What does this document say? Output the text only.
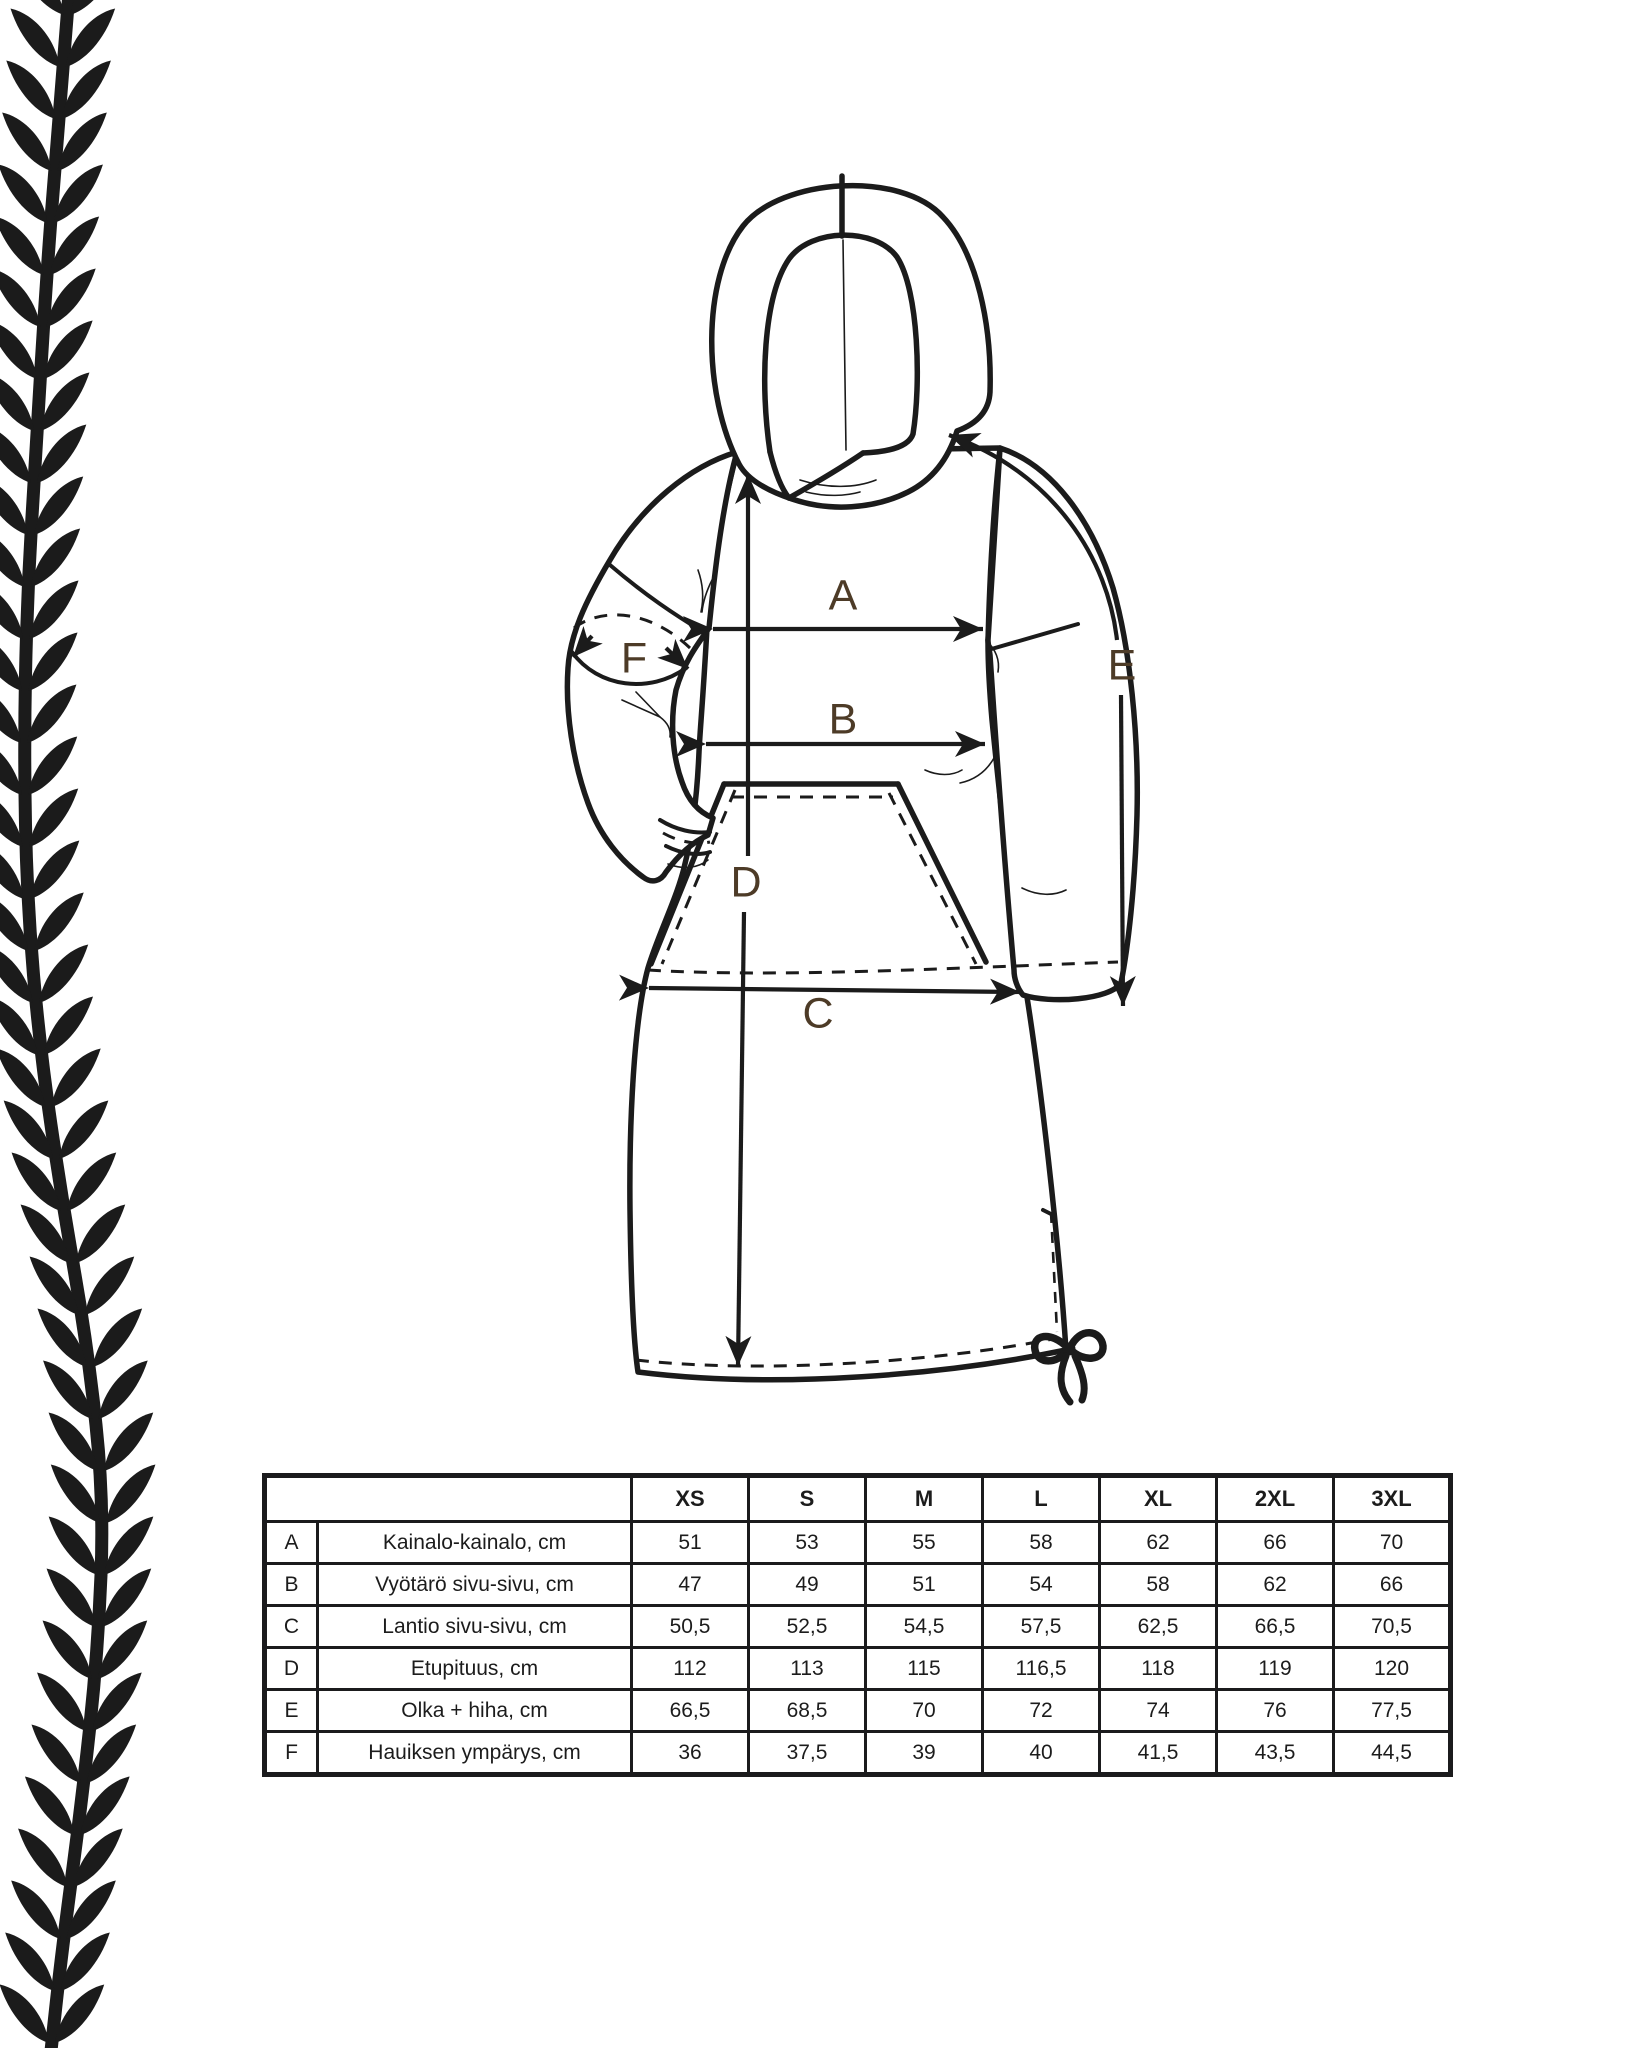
A
B
C
D
E
F
		XS	S	M	L	XL	2XL	3XL
A	Kainalo-kainalo, cm	51	53	55	58	62	66	70
B	Vyötärö sivu-sivu, cm	47	49	51	54	58	62	66
C	Lantio sivu-sivu, cm	50,5	52,5	54,5	57,5	62,5	66,5	70,5
D	Etupituus, cm	112	113	115	116,5	118	119	120
E	Olka + hiha, cm	66,5	68,5	70	72	74	76	77,5
F	Hauiksen ympärys, cm	36	37,5	39	40	41,5	43,5	44,5
